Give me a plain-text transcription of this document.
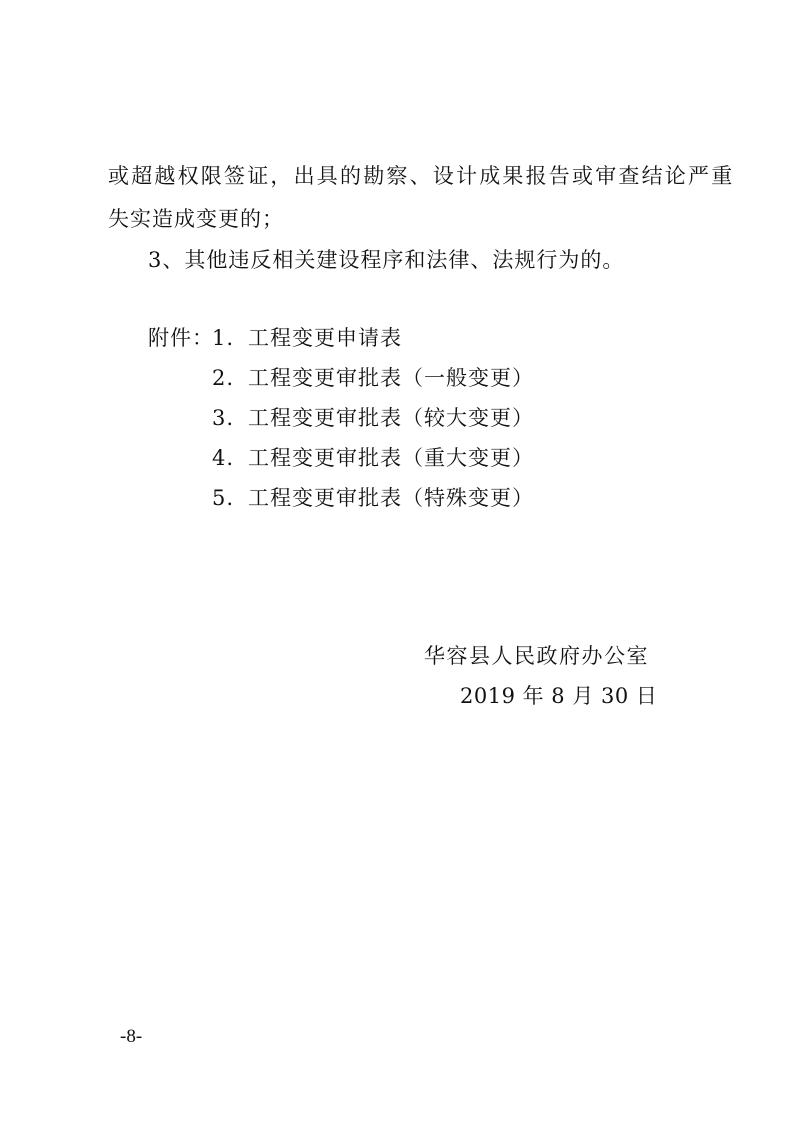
或超越权限签证，出具的勘察、设计成果报告或审查结论严重
失实造成变更的；
3、其他违反相关建设程序和法律、法规行为的。
附件：
1. 工程变更申请表
2. 工程变更审批表（一般变更）
3. 工程变更审批表（较大变更）
4. 工程变更审批表（重大变更）
5. 工程变更审批表（特殊变更）
华容县人民政府办公室
2019 年 8 月 30 日
-8-
